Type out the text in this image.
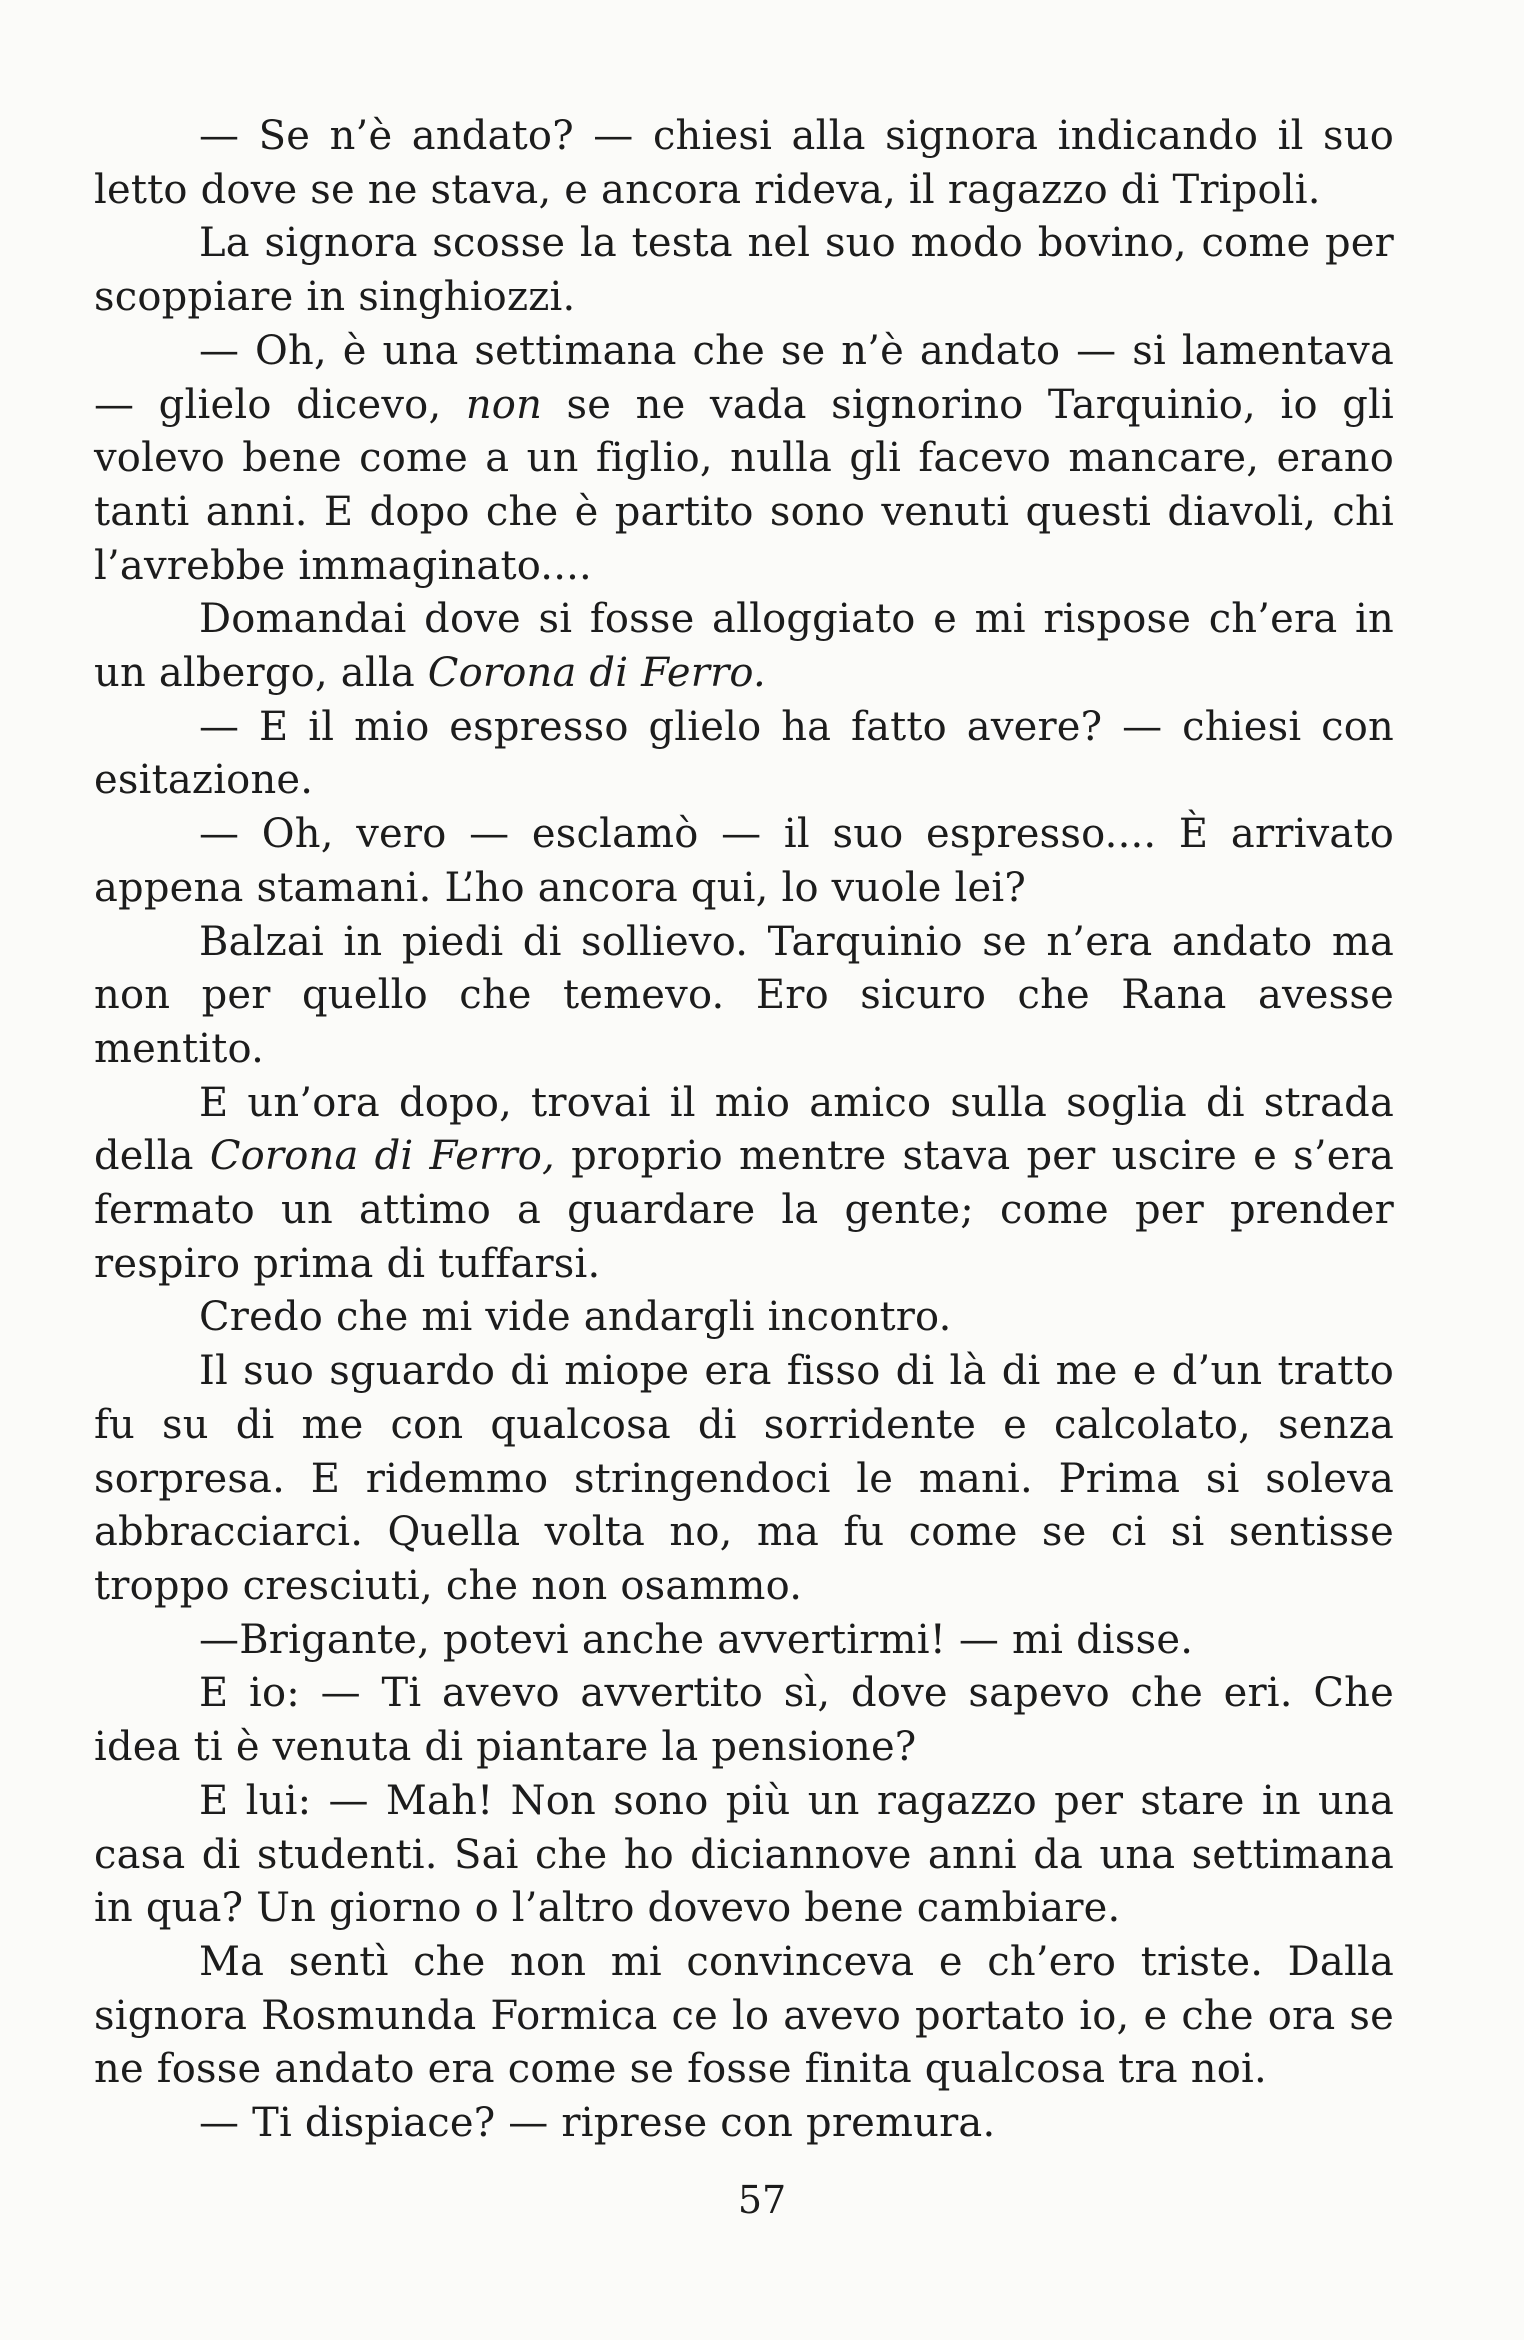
— Se n’è andato? — chiesi alla signora indicando il suo letto dove se ne stava, e ancora rideva, il ragazzo di Tripoli.

La signora scosse la testa nel suo modo bovino, come per scoppiare in singhiozzi.

— Oh, è una settimana che se n’è andato — si lamentava — glielo dicevo, non se ne vada signorino Tarquinio, io gli volevo bene come a un figlio, nulla gli facevo mancare, erano tanti anni. E dopo che è partito sono venuti questi diavoli, chi l’avrebbe immaginato....

Domandai dove si fosse alloggiato e mi rispose ch’era in un albergo, alla Corona di Ferro.

— E il mio espresso glielo ha fatto avere? — chiesi con esitazione.

— Oh, vero — esclamò — il suo espresso.... È arrivato appena stamani. L’ho ancora qui, lo vuole lei?

Balzai in piedi di sollievo. Tarquinio se n’era andato ma non per quello che temevo. Ero sicuro che Rana avesse mentito.

E un’ora dopo, trovai il mio amico sulla soglia di strada della Corona di Ferro, proprio mentre stava per uscire e s’era fermato un attimo a guardare la gente; come per prender respiro prima di tuffarsi.

Credo che mi vide andargli incontro.

Il suo sguardo di miope era fisso di là di me e d’un tratto fu su di me con qualcosa di sorridente e calcolato, senza sorpresa. E ridemmo stringendoci le mani. Prima si soleva abbracciarci. Quella volta no, ma fu come se ci si sentisse troppo cresciuti, che non osammo.

—Brigante, potevi anche avvertirmi! — mi disse.

E io: — Ti avevo avvertito sì, dove sapevo che eri. Che idea ti è venuta di piantare la pensione?

E lui: — Mah! Non sono più un ragazzo per stare in una casa di studenti. Sai che ho diciannove anni da una settimana in qua? Un giorno o l’altro dovevo bene cambiare.

Ma sentì che non mi convinceva e ch’ero triste. Dalla signora Rosmunda Formica ce lo avevo portato io, e che ora se ne fosse andato era come se fosse finita qualcosa tra noi.

— Ti dispiace? — riprese con premura.

57
